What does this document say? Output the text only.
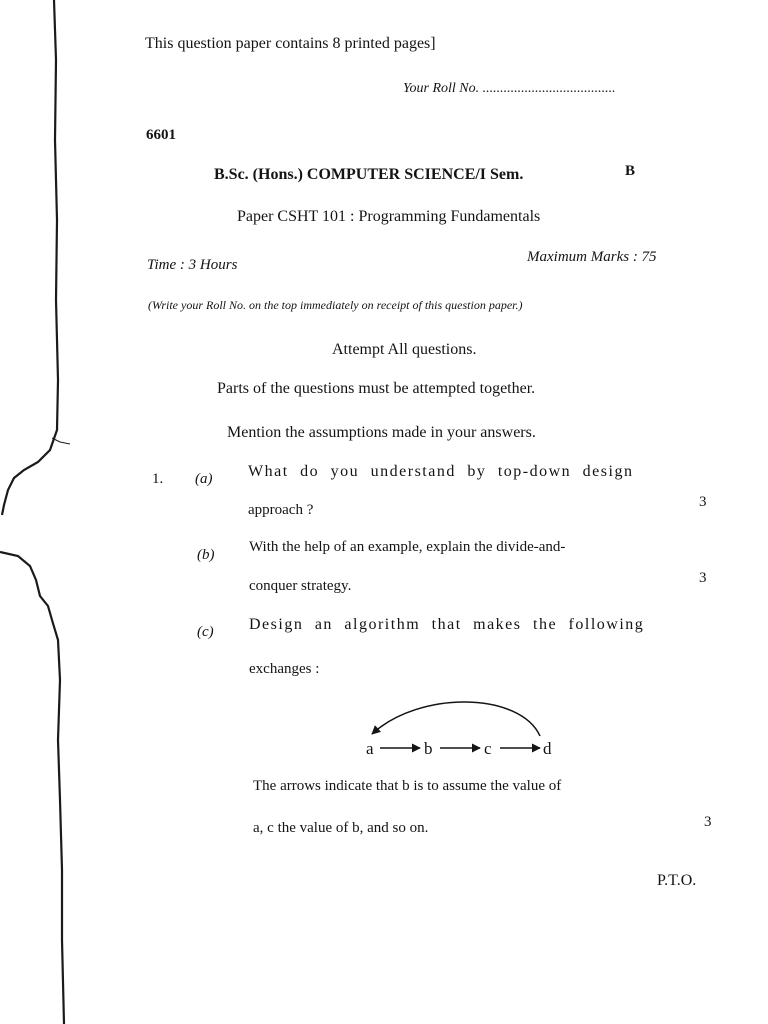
This question paper contains 8 printed pages]
Your Roll No. ......................................
6601
B.Sc. (Hons.) COMPUTER SCIENCE/I Sem.	B
Paper CSHT 101 : Programming Fundamentals
Time : 3 Hours	Maximum Marks : 75
(Write your Roll No. on the top immediately on receipt of this question paper.)
Attempt All questions.
Parts of the questions must be attempted together.
Mention the assumptions made in your answers.
1. (a) What do you understand by top-down design
approach ?	3
(b) With the help of an example, explain the divide-and-
conquer strategy.	3
(c) Design an algorithm that makes the following
exchanges :
a	b	c	d
The arrows indicate that b is to assume the value of
a, c the value of b, and so on.	3
P.T.O.
